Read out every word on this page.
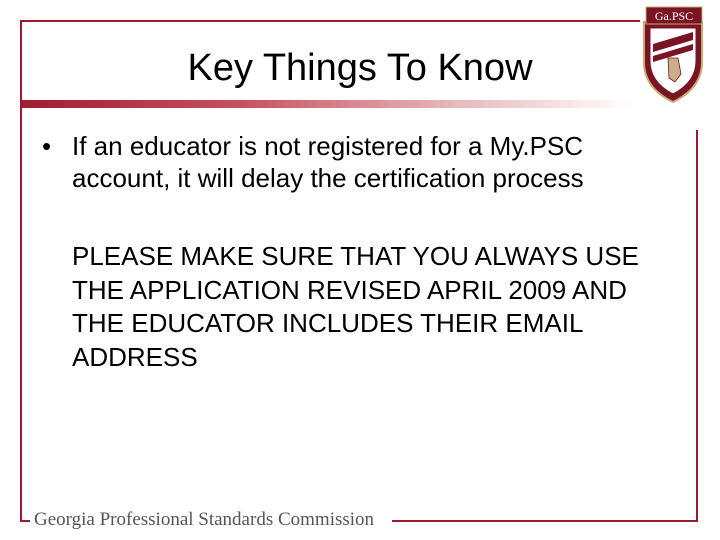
Key Things To Know
Ga.PSC
• If an educator is not registered for a My.PSC account, it will delay the certification process
PLEASE MAKE SURE THAT YOU ALWAYS USE THE APPLICATION REVISED APRIL 2009 AND THE EDUCATOR INCLUDES THEIR EMAIL ADDRESS
Georgia Professional Standards Commission
